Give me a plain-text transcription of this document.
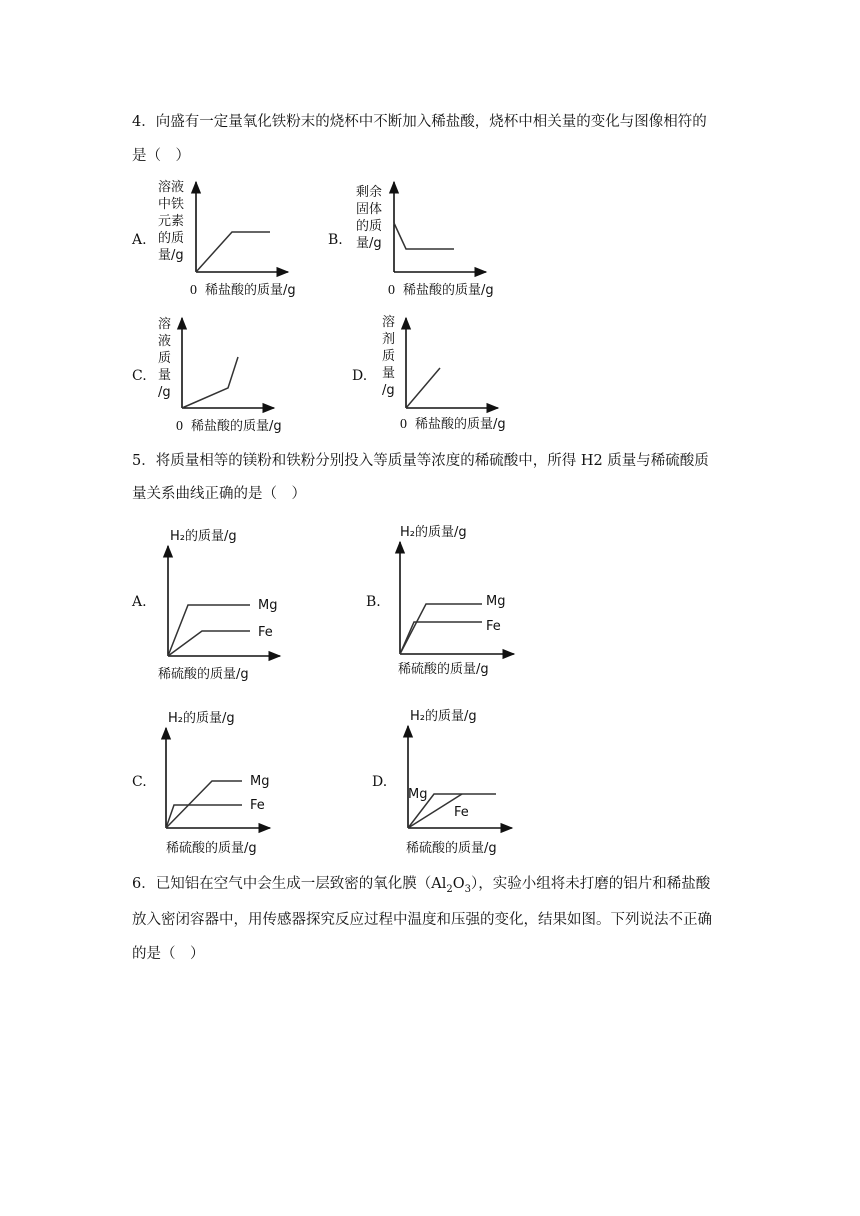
4．向盛有一定量氧化铁粉末的烧杯中不断加入稀盐酸，烧杯中相关量的变化与图像相符的
是（　）
A.
溶液
中铁
元素
的质
量/g
0 稀盐酸的质量/g
B.
剩余
固体
的质
量/g
0 稀盐酸的质量/g
C.
溶
液
质
量
/g
0 稀盐酸的质量/g
D.
溶
剂
质
量
/g
0 稀盐酸的质量/g
5．将质量相等的镁粉和铁粉分别投入等质量等浓度的稀硫酸中，所得 H2 质量与稀硫酸质
量关系曲线正确的是（　）
A.
H₂的质量/g
Mg
Fe
稀硫酸的质量/g
B.
H₂的质量/g
Mg
Fe
稀硫酸的质量/g
C.
H₂的质量/g
Mg
Fe
稀硫酸的质量/g
D.
H₂的质量/g
Mg
Fe
稀硫酸的质量/g
6．已知铝在空气中会生成一层致密的氧化膜$(Al_2O_3)$，实验小组将未打磨的铝片和稀盐酸
放入密闭容器中，用传感器探究反应过程中温度和压强的变化，结果如图。下列说法不正确
的是（　）
